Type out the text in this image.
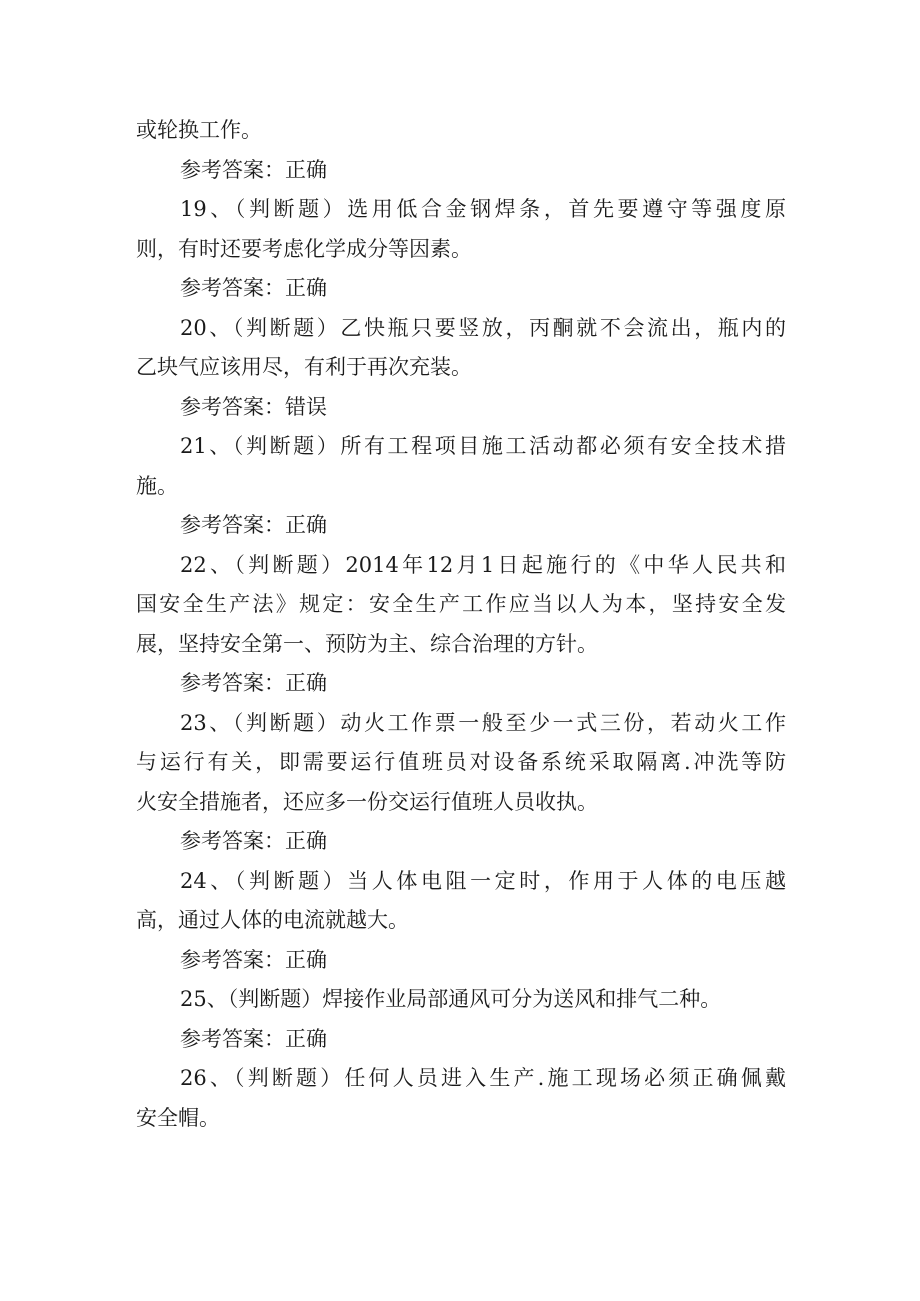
或轮换工作。
参考答案：正确
19、（判断题）选用低合金钢焊条，首先要遵守等强度原
则，有时还要考虑化学成分等因素。
参考答案：正确
20、（判断题）乙快瓶只要竖放，丙酮就不会流出，瓶内的
乙块气应该用尽，有利于再次充装。
参考答案：错误
21、（判断题）所有工程项目施工活动都必须有安全技术措
施。
参考答案：正确
22、（判断题）2014年12月1日起施行的《中华人民共和
国安全生产法》规定：安全生产工作应当以人为本，坚持安全发
展，坚持安全第一、预防为主、综合治理的方针。
参考答案：正确
23、（判断题）动火工作票一般至少一式三份，若动火工作
与运行有关，即需要运行值班员对设备系统采取隔离.冲洗等防
火安全措施者，还应多一份交运行值班人员收执。
参考答案：正确
24、（判断题）当人体电阻一定时，作用于人体的电压越
高，通过人体的电流就越大。
参考答案：正确
25、（判断题）焊接作业局部通风可分为送风和排气二种。
参考答案：正确
26、（判断题）任何人员进入生产.施工现场必须正确佩戴
安全帽。
